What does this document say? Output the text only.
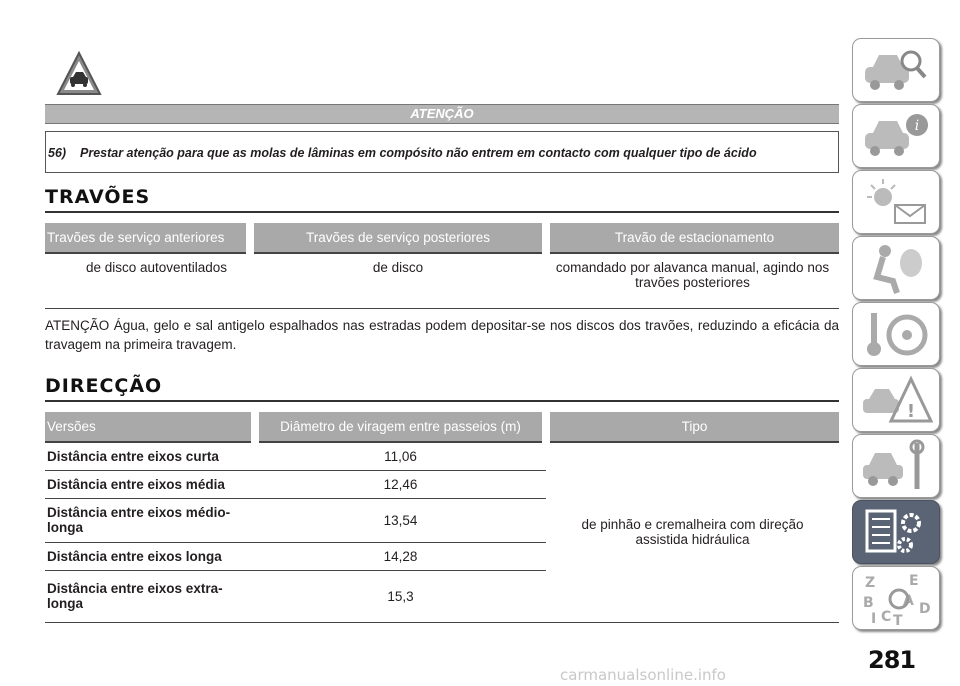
ATENÇÃO
56) Prestar atenção para que as molas de lâminas em compósito não entrem em contacto com qualquer tipo de ácido
TRAVÕES
Travões de serviço anteriores	Travões de serviço posteriores	Travão de estacionamento
de disco autoventilados	de disco	comandado por alavanca manual, agindo nos travões posteriores
ATENÇÃO Água, gelo e sal antigelo espalhados nas estradas podem depositar-se nos discos dos travões, reduzindo a eficácia da travagem na primeira travagem.
DIRECÇÃO
Versões	Diâmetro de viragem entre passeios (m)	Tipo
Distância entre eixos curta	11,06	de pinhão e cremalheira com direção assistida hidráulica

Distância entre eixos média	12,46	

Distância entre eixos médio-longa	13,54	
Distância entre eixos longa	14,28	

Distância entre eixos extra-longa	15,3	
i
!
Z E
B
I C
A D
T
281
carmanualsonline.info
